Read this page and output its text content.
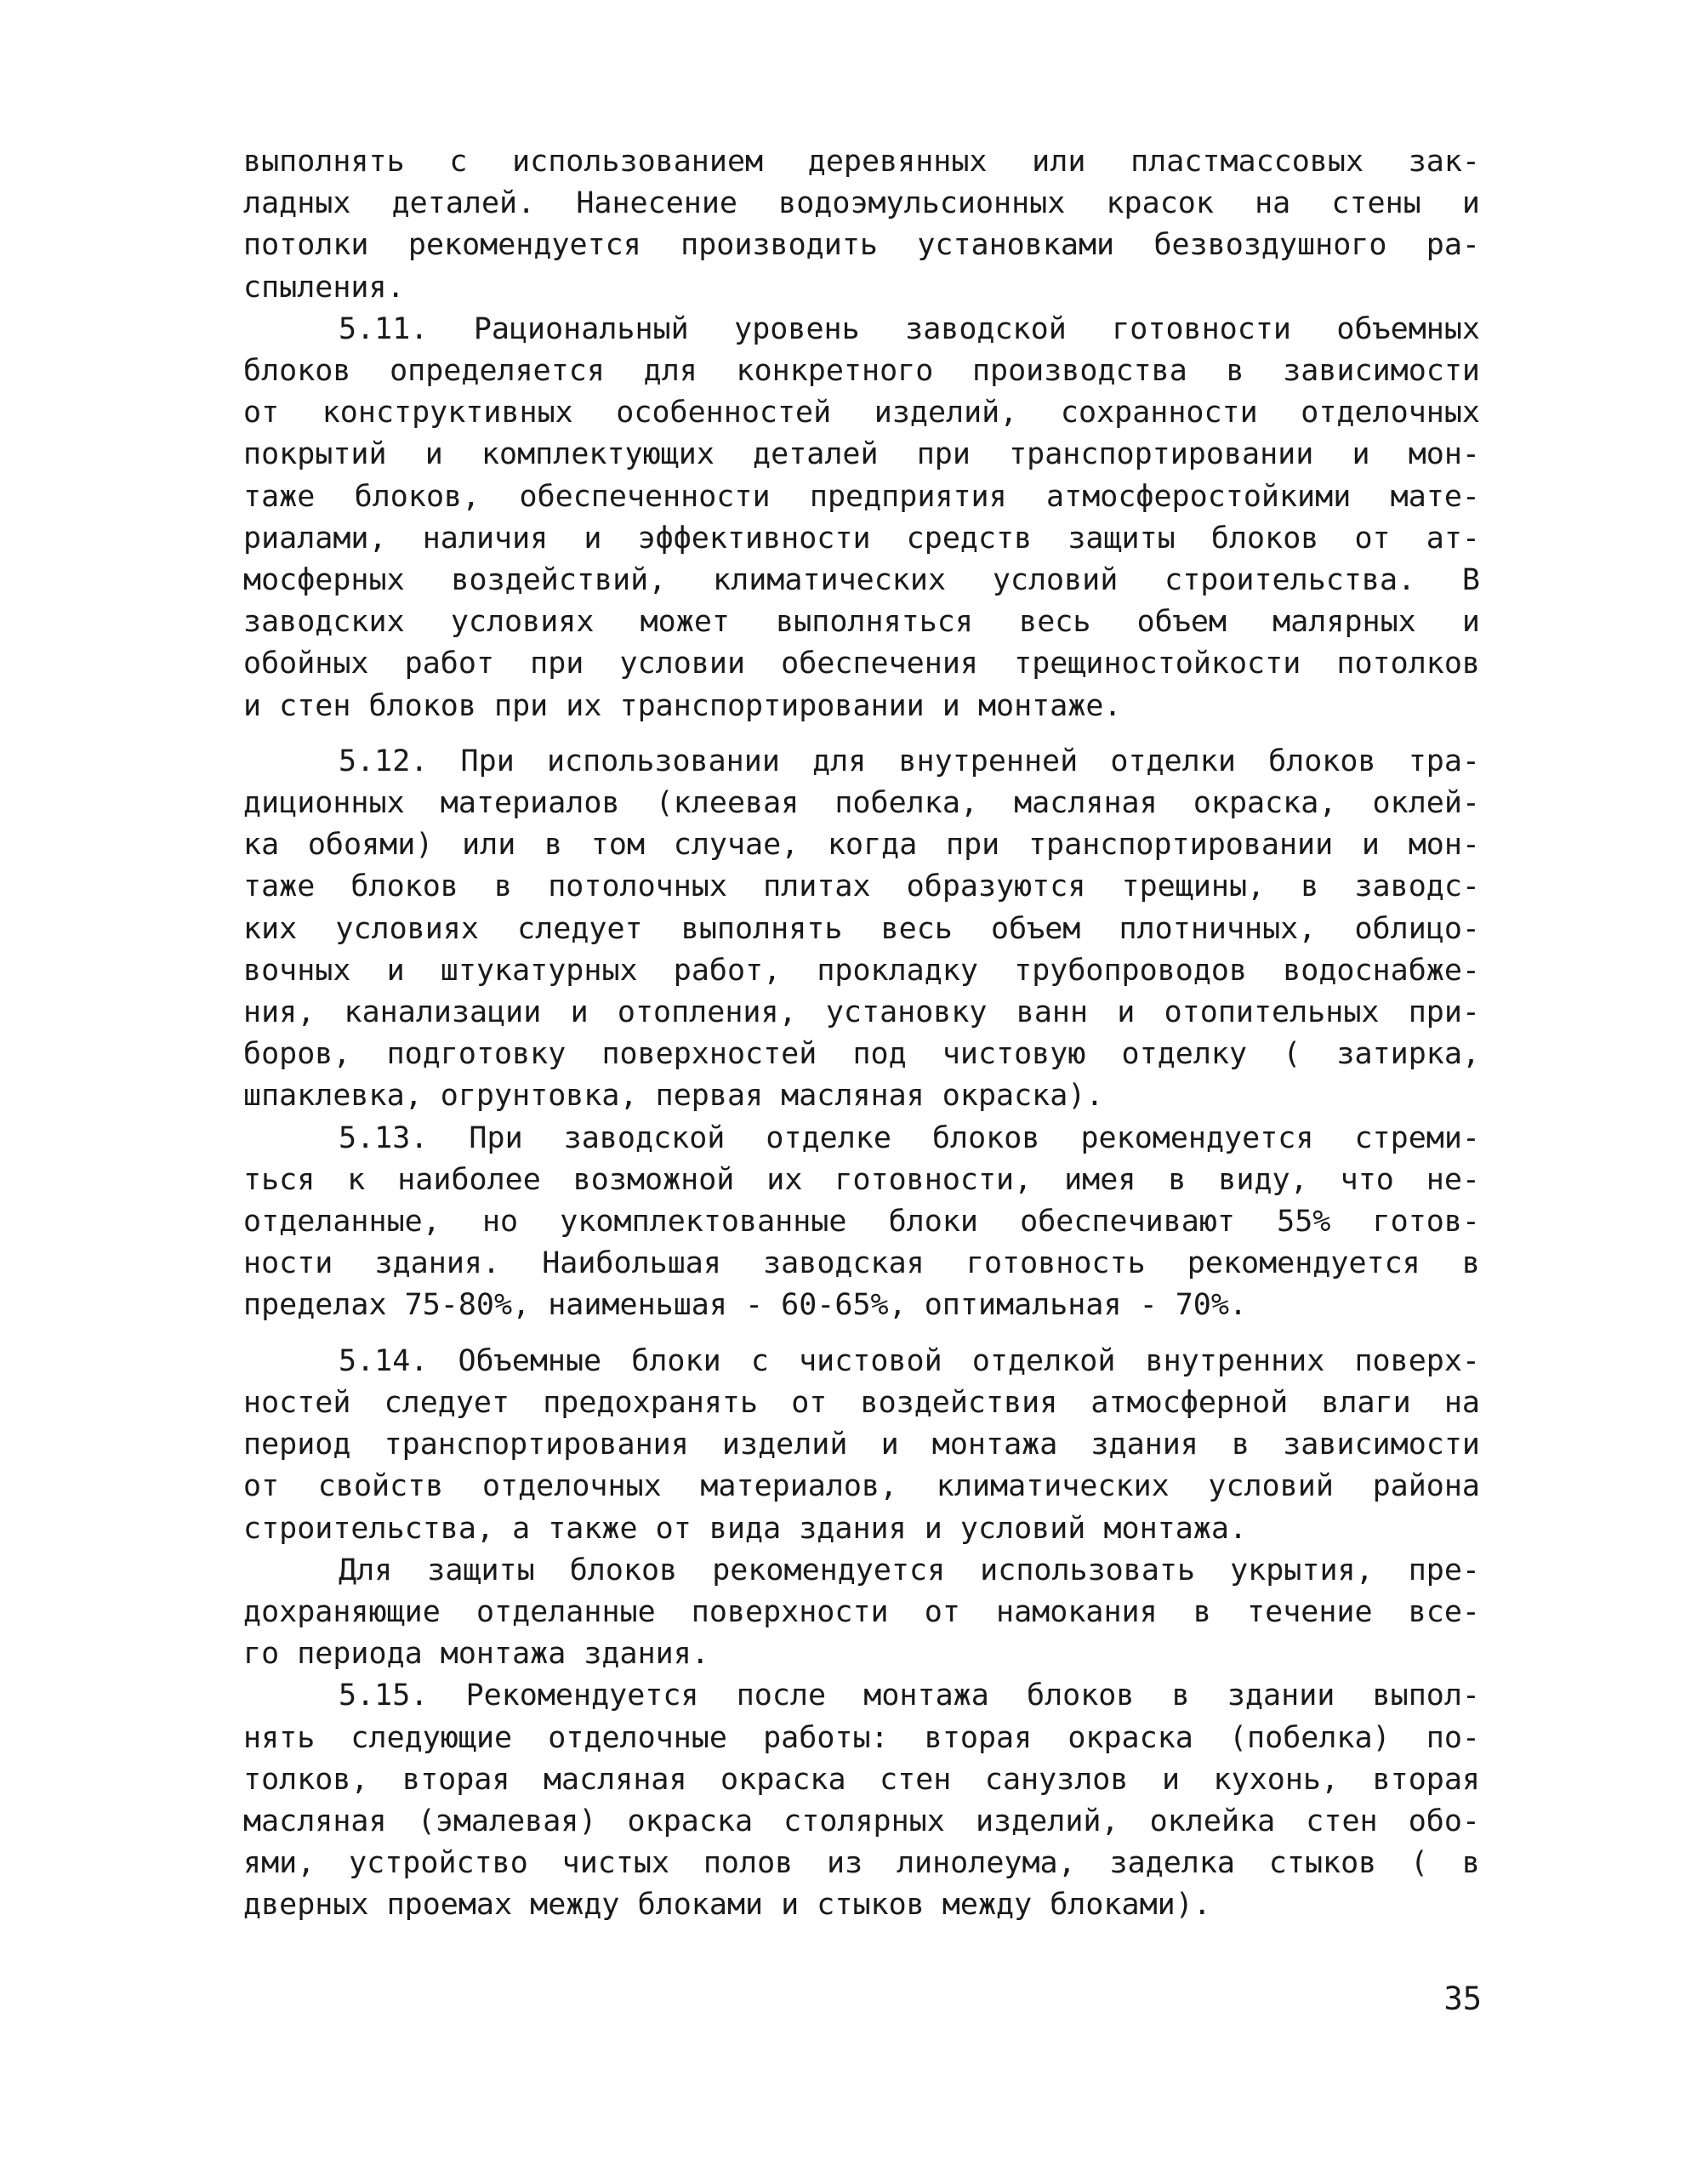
выполнять с использованием деревянных или пластмассовых зак-
ладных деталей. Нанесение водоэмульсионных красок на стены и
потолки рекомендуется производить установками безвоздушного ра-
спыления.

5.11. Рациональный уровень заводской готовности объемных
блоков определяется для конкретного производства в зависимости
от конструктивных особенностей изделий, сохранности отделочных
покрытий и комплектующих деталей при транспортировании и мон-
таже блоков, обеспеченности предприятия атмосферостойкими мате-
риалами, наличия и эффективности средств защиты блоков от ат-
мосферных воздействий, климатических условий строительства. В
заводских условиях может выполняться весь объем малярных и
обойных работ при условии обеспечения трещиностойкости потолков
и стен блоков при их транспортировании и монтаже.

5.12. При использовании для внутренней отделки блоков тра-
диционных материалов (клеевая побелка, масляная окраска, оклей-
ка обоями) или в том случае, когда при транспортировании и мон-
таже блоков в потолочных плитах образуются трещины, в заводс-
ких условиях следует выполнять весь объем плотничных, облицо-
вочных и штукатурных работ, прокладку трубопроводов водоснабже-
ния, канализации и отопления, установку ванн и отопительных при-
боров, подготовку поверхностей под чистовую отделку ( затирка,
шпаклевка, огрунтовка, первая масляная окраска).

5.13. При заводской отделке блоков рекомендуется стреми-
ться к наиболее возможной их готовности, имея в виду, что не-
отделанные, но укомплектованные блоки обеспечивают 55% готов-
ности здания. Наибольшая заводская готовность рекомендуется в
пределах 75-80%, наименьшая - 60-65%, оптимальная - 70%.

5.14. Объемные блоки с чистовой отделкой внутренних поверх-
ностей следует предохранять от воздействия атмосферной влаги на
период транспортирования изделий и монтажа здания в зависимости
от свойств отделочных материалов, климатических условий района
строительства, а также от вида здания и условий монтажа.

Для защиты блоков рекомендуется использовать укрытия, пре-
дохраняющие отделанные поверхности от намокания в течение все-
го периода монтажа здания.

5.15. Рекомендуется после монтажа блоков в здании выпол-
нять следующие отделочные работы: вторая окраска (побелка) по-
толков, вторая масляная окраска стен санузлов и кухонь, вторая
масляная (эмалевая) окраска столярных изделий, оклейка стен обо-
ями, устройство чистых полов из линолеума, заделка стыков ( в
дверных проемах между блоками и стыков между блоками).

35
